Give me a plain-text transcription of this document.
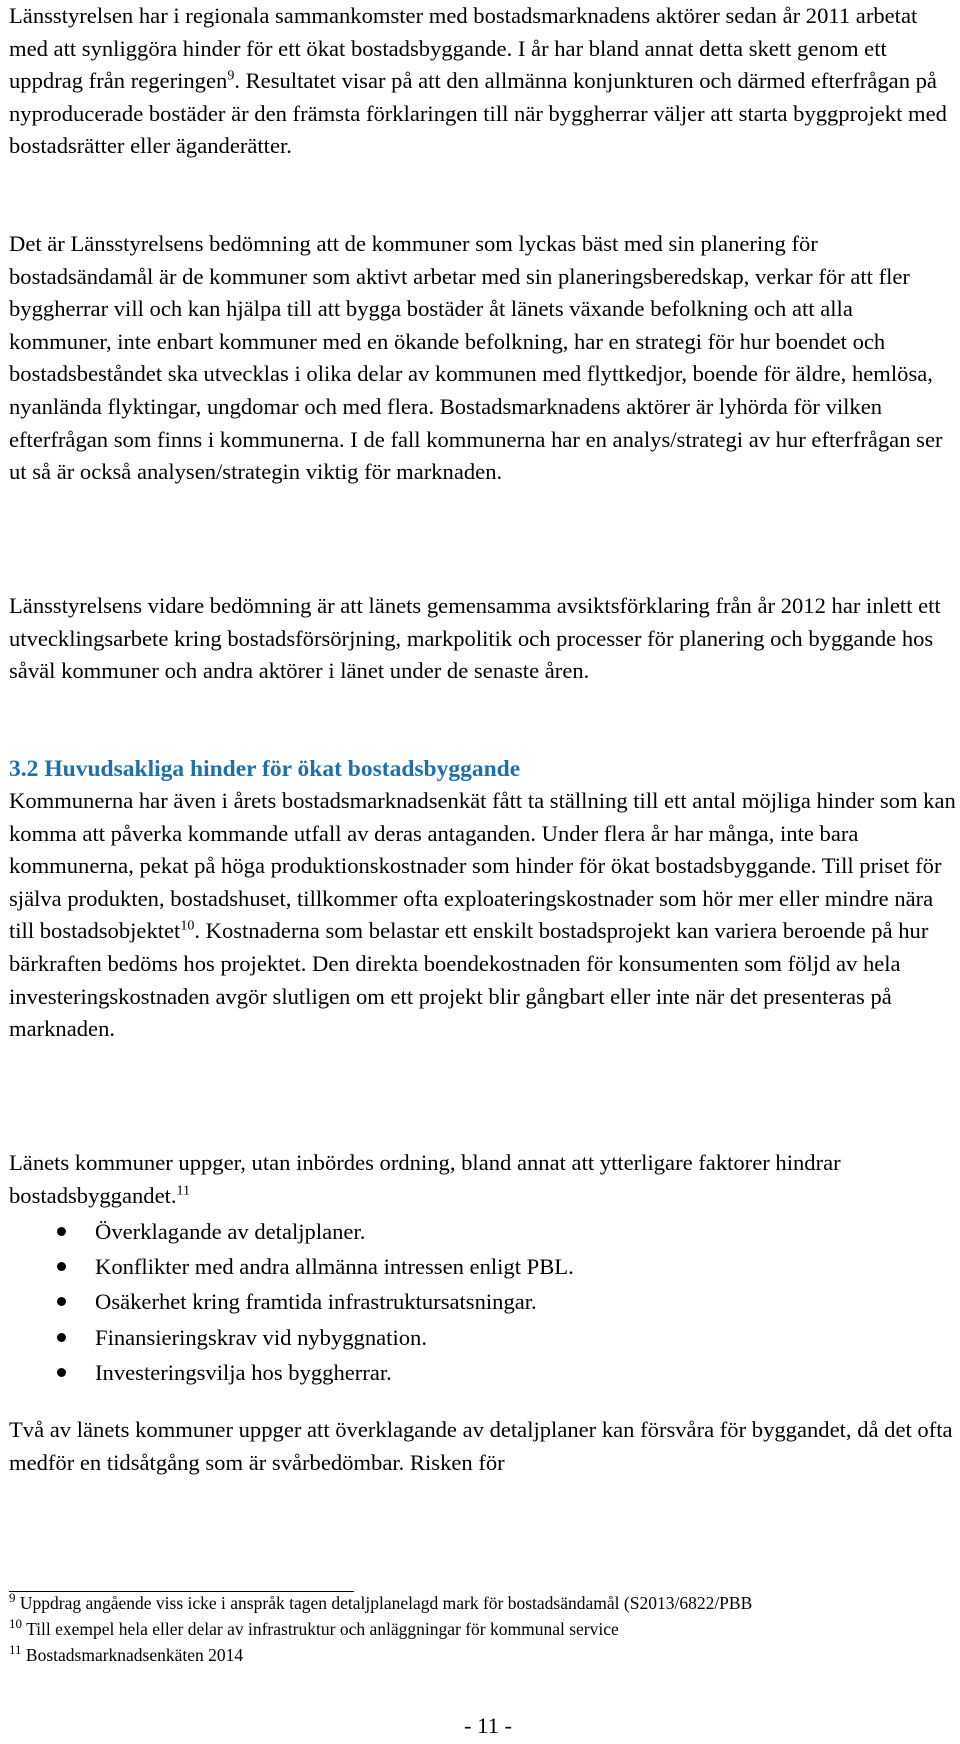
Länsstyrelsen har i regionala sammankomster med bostadsmarknadens aktörer sedan år 2011 arbetat med att synliggöra hinder för ett ökat bostadsbyggande. I år har bland annat detta skett genom ett uppdrag från regeringen$^9$. Resultatet visar på att den allmänna konjunkturen och därmed efterfrågan på nyproducerade bostäder är den främsta förklaringen till när byggherrar väljer att starta byggprojekt med bostadsrätter eller äganderätter.

Det är Länsstyrelsens bedömning att de kommuner som lyckas bäst med sin planering för bostadsändamål är de kommuner som aktivt arbetar med sin planeringsberedskap, verkar för att fler byggherrar vill och kan hjälpa till att bygga bostäder åt länets växande befolkning och att alla kommuner, inte enbart kommuner med en ökande befolkning, har en strategi för hur boendet och bostadsbeståndet ska utvecklas i olika delar av kommunen med flyttkedjor, boende för äldre, hemlösa, nyanlända flyktingar, ungdomar och med flera. Bostadsmarknadens aktörer är lyhörda för vilken efterfrågan som finns i kommunerna. I de fall kommunerna har en analys/strategi av hur efterfrågan ser ut så är också analysen/strategin viktig för marknaden.

Länsstyrelsens vidare bedömning är att länets gemensamma avsiktsförklaring från år 2012 har inlett ett utvecklingsarbete kring bostadsförsörjning, markpolitik och processer för planering och byggande hos såväl kommuner och andra aktörer i länet under de senaste åren.

3.2 Huvudsakliga hinder för ökat bostadsbyggande

Kommunerna har även i årets bostadsmarknadsenkät fått ta ställning till ett antal möjliga hinder som kan komma att påverka kommande utfall av deras antaganden. Under flera år har många, inte bara kommunerna, pekat på höga produktionskostnader som hinder för ökat bostadsbyggande. Till priset för själva produkten, bostadshuset, tillkommer ofta exploateringskostnader som hör mer eller mindre nära till bostadsobjektet$^{10}$. Kostnaderna som belastar ett enskilt bostadsprojekt kan variera beroende på hur bärkraften bedöms hos projektet. Den direkta boendekostnaden för konsumenten som följd av hela investeringskostnaden avgör slutligen om ett projekt blir gångbart eller inte när det presenteras på marknaden.

Länets kommuner uppger, utan inbördes ordning, bland annat att ytterligare faktorer hindrar bostadsbyggandet.$^{11}$

Överklagande av detaljplaner.
Konflikter med andra allmänna intressen enligt PBL.
Osäkerhet kring framtida infrastruktursatsningar.
Finansieringskrav vid nybyggnation.
Investeringsvilja hos byggherrar.

Två av länets kommuner uppger att överklagande av detaljplaner kan försvåra för byggandet, då det ofta medför en tidsåtgång som är svårbedömbar. Risken för

$^9$ Uppdrag angående viss icke i anspråk tagen detaljplanelagd mark för bostadsändamål (S2013/6822/PBB

$^{10}$ Till exempel hela eller delar av infrastruktur och anläggningar för kommunal service

$^{11}$ Bostadsmarknadsenkäten 2014

- 11 -
